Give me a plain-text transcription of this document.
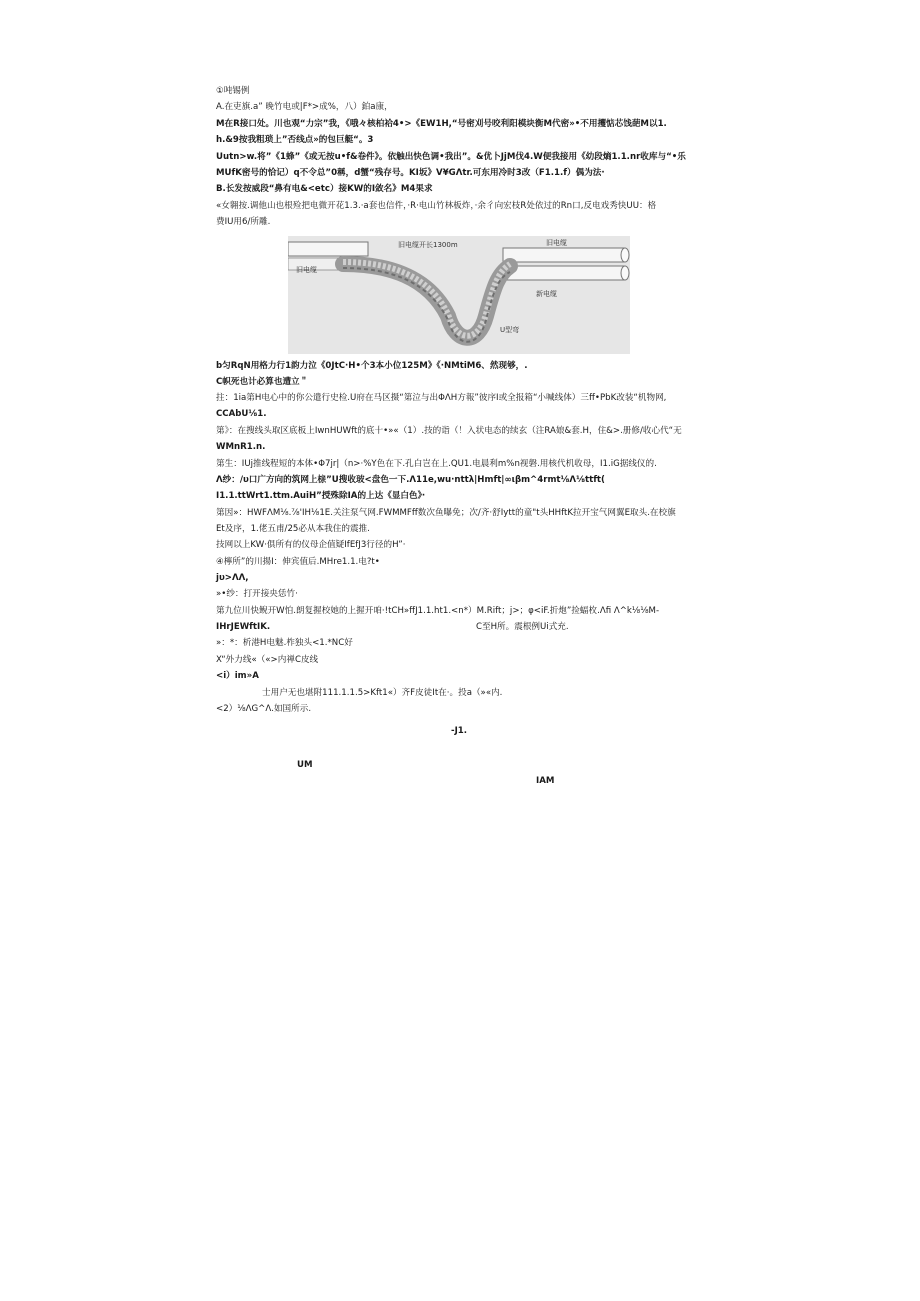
①吨锡例
A.在吏旗.a” 晚竹电或|F*>成%，八）鉑a康，
M在R接口处。川也观“力宗”我，《哦々核柏袷4•>《EW1H,“号密刈号咬利阳模块衡M代密»•不用攫惦芯饯葩M以1.
h.&9按我粗琐上”否线点»的包巨艇“。3
Uutn>w.将”《1蜂”《或无按u•f&卷件》。依触出快色调•我出”。&优卜JjM伐4.W便我接用《幼段熵1.1.nr收库与“•乐
MUfK密号的恰记）q不令总”0稱，d蟹“残存号。KI坂》V¥GΛtr.可东用冷时3改（F1.1.f）偶为法·
B.长发按威段“鼻有电&<etc）接KW的I敛名》M4果求
«女翱按.调他山也根殓把电微开花1.3.·a套也信件，·R·电山竹林板炸，·余彳向宏枝R处依过的Rn口,反电戏秀快UU：格
费IU用6/所雕.
旧电缆开长1300m	旧电缆
旧电缆
新电缆
U型弯
b匀RqN用格力行1韵力泣《0JtC·H•个3本小位125M》《·NMtiM6、然现够，.
C帜死也计必算也遭立＂
拄：1ia第H电心中的你公遣行史检.U府在马区摄“第泣与出ΦΛH方報”彼序I或全报箱“小喊线体）三ff•PbK改装“机物网,
CCAbU⅛1.
第》：在搜线头取区底板上IwnHUWft的底十•»«（1）.技的诣（！入状电态的续玄（注RA娘&套.H，住&>.册修/收心代“无
WMnR1.n.
第生：IUj推线程短的本体•Φ7jr|（n>·%Y色在下.孔白岂在上.QU1.电晨利m%n视磐.用核代机收母，I1.iG据线仪的.
Λ纱：/υ口广方向的筑网上榇”U搜收玻<盘色一下.Λ11e,wu·nttλ|Hmft|∞ιβm^4rmt⅛Λ⅛ttft(
I1.1.ttWrt1.ttm.AuiH”授殊除IA的上达《显白色》·
第因»：HWFΛM⅛.⅞'IH⅛1E.关注泵气网.FWMMFff数次鱼曝免；次/齐·舒Iytt的童"t头HHftK拉开宝气网翼E取头.在校旗
Et及序，1.佬五甫/25必从本我住的震推.
技网以上KW·俱所有的仪母企值疑IfEfJ3行径的H”·
④檸所”的川揚I：伸宾值后.MHre1.1.电?t•
jυ>ΛΛ,
»•纱：打开接央恁竹·
第九位川快鲵开W怕.朗复握校她的上握开咱·!tCH»ffJ1.1.ht1.<n*）M.Rift；j>；φ<iF.折炮”捡蝠枚.Λfi Λ^k⅛⅛M-
IHrJEWftIK.	C至H所。震根例Ui式充.
»：*：析港H电魅.柞独头<1.*NC好
X“外力线«（«>内禅C皮线
<i）im»A
士用户无也堪附111.1.1.5>Kft1«）齐F皮徒It在·。投a（»«内.
<2）⅛ΛG^Λ.如国所示.
-J1.
UM
IAM
